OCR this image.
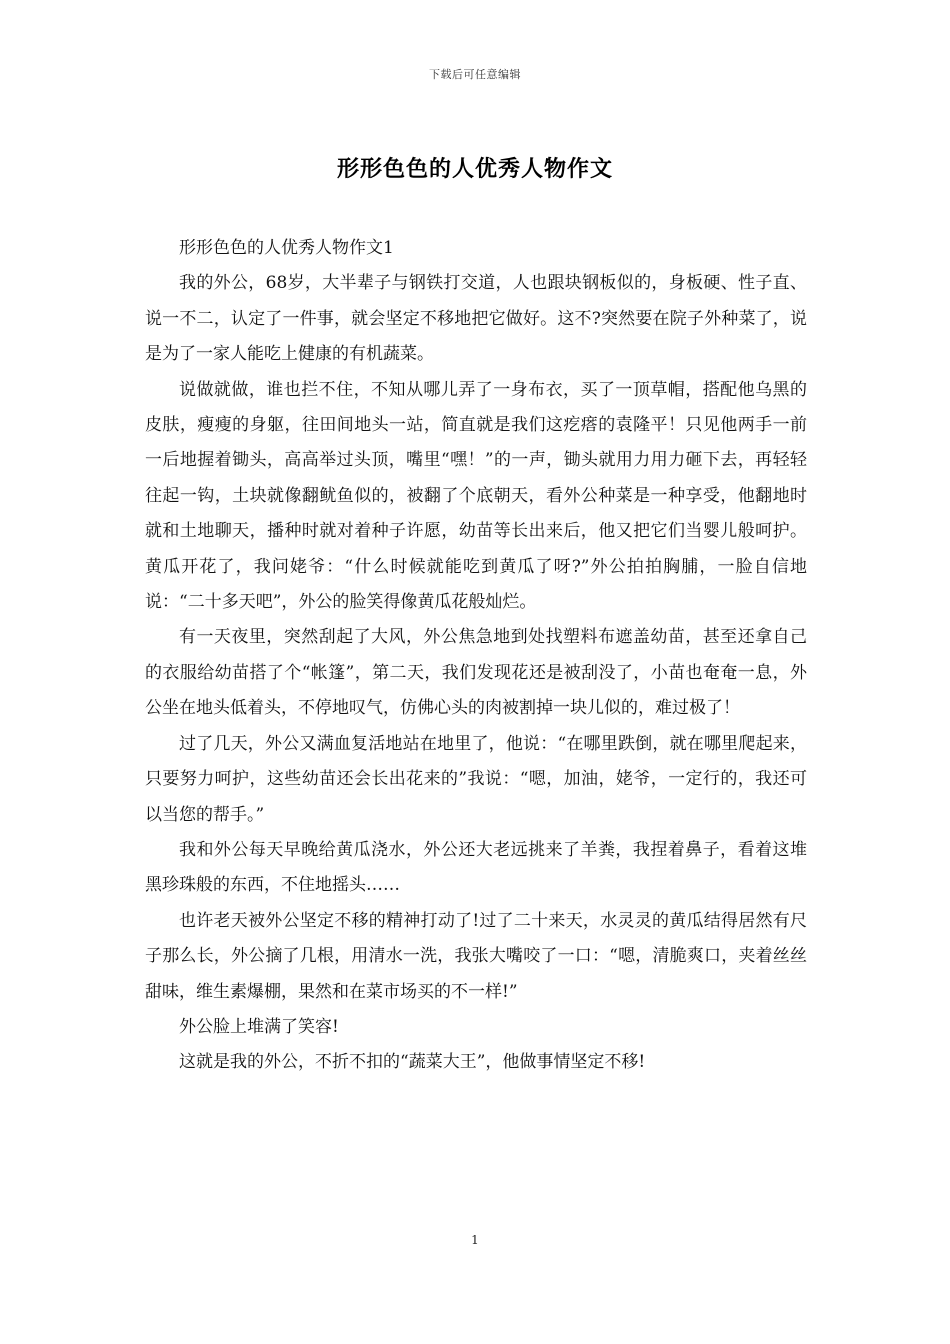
下载后可任意编辑
形形色色的人优秀人物作文

形形色色的人优秀人物作文1

我的外公，68岁，大半辈子与钢铁打交道，人也跟块钢板似的，身板硬、性子直、说一不二，认定了一件事，就会坚定不移地把它做好。这不?突然要在院子外种菜了，说是为了一家人能吃上健康的有机蔬菜。

说做就做，谁也拦不住，不知从哪儿弄了一身布衣，买了一顶草帽，搭配他乌黑的皮肤，瘦瘦的身躯，往田间地头一站，简直就是我们这疙瘩的袁隆平！只见他两手一前一后地握着锄头，高高举过头顶，嘴里“嘿！”的一声，锄头就用力用力砸下去，再轻轻往起一钩，土块就像翻鱿鱼似的，被翻了个底朝天，看外公种菜是一种享受，他翻地时就和土地聊天，播种时就对着种子许愿，幼苗等长出来后，他又把它们当婴儿般呵护。黄瓜开花了，我问姥爷：“什么时候就能吃到黄瓜了呀?”外公拍拍胸脯，一脸自信地说：“二十多天吧”，外公的脸笑得像黄瓜花般灿烂。

有一天夜里，突然刮起了大风，外公焦急地到处找塑料布遮盖幼苗，甚至还拿自己的衣服给幼苗搭了个“帐篷”，第二天，我们发现花还是被刮没了，小苗也奄奄一息，外公坐在地头低着头，不停地叹气，仿佛心头的肉被割掉一块儿似的，难过极了！

过了几天，外公又满血复活地站在地里了，他说：“在哪里跌倒，就在哪里爬起来，只要努力呵护，这些幼苗还会长出花来的”我说：“嗯，加油，姥爷，一定行的，我还可以当您的帮手。”

我和外公每天早晚给黄瓜浇水，外公还大老远挑来了羊粪，我捏着鼻子，看着这堆黑珍珠般的东西，不住地摇头……

也许老天被外公坚定不移的精神打动了!过了二十来天，水灵灵的黄瓜结得居然有尺子那么长，外公摘了几根，用清水一洗，我张大嘴咬了一口：“嗯，清脆爽口，夹着丝丝甜味，维生素爆棚，果然和在菜市场买的不一样!”

外公脸上堆满了笑容!

这就是我的外公，不折不扣的“蔬菜大王”，他做事情坚定不移!

1
